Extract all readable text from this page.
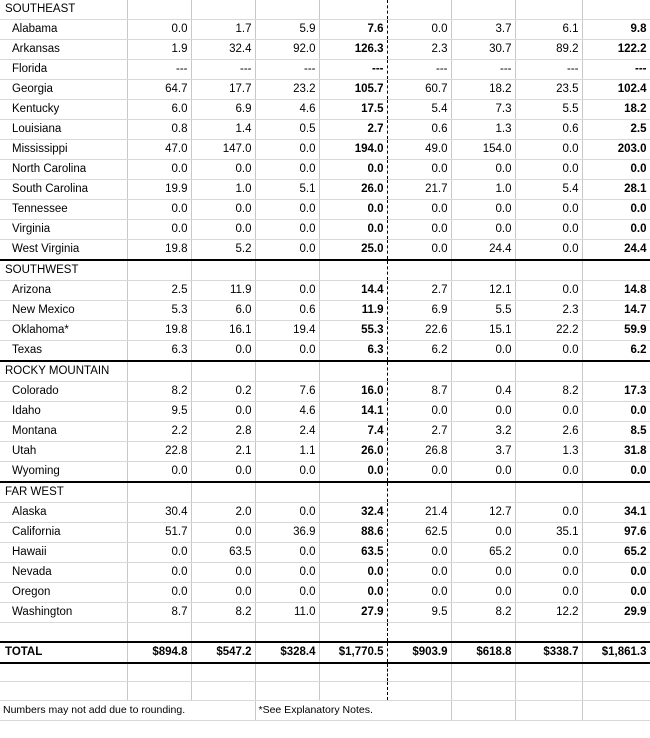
SOUTHEAST								
Alabama	0.0	1.7	5.9	7.6	0.0	3.7	6.1	9.8
Arkansas	1.9	32.4	92.0	126.3	2.3	30.7	89.2	122.2
Florida	---	---	---	---	---	---	---	---
Georgia	64.7	17.7	23.2	105.7	60.7	18.2	23.5	102.4
Kentucky	6.0	6.9	4.6	17.5	5.4	7.3	5.5	18.2
Louisiana	0.8	1.4	0.5	2.7	0.6	1.3	0.6	2.5
Mississippi	47.0	147.0	0.0	194.0	49.0	154.0	0.0	203.0
North Carolina	0.0	0.0	0.0	0.0	0.0	0.0	0.0	0.0
South Carolina	19.9	1.0	5.1	26.0	21.7	1.0	5.4	28.1
Tennessee	0.0	0.0	0.0	0.0	0.0	0.0	0.0	0.0
Virginia	0.0	0.0	0.0	0.0	0.0	0.0	0.0	0.0
West Virginia	19.8	5.2	0.0	25.0	0.0	24.4	0.0	24.4
SOUTHWEST								
Arizona	2.5	11.9	0.0	14.4	2.7	12.1	0.0	14.8
New Mexico	5.3	6.0	0.6	11.9	6.9	5.5	2.3	14.7
Oklahoma*	19.8	16.1	19.4	55.3	22.6	15.1	22.2	59.9
Texas	6.3	0.0	0.0	6.3	6.2	0.0	0.0	6.2
ROCKY MOUNTAIN								
Colorado	8.2	0.2	7.6	16.0	8.7	0.4	8.2	17.3
Idaho	9.5	0.0	4.6	14.1	0.0	0.0	0.0	0.0
Montana	2.2	2.8	2.4	7.4	2.7	3.2	2.6	8.5
Utah	22.8	2.1	1.1	26.0	26.8	3.7	1.3	31.8
Wyoming	0.0	0.0	0.0	0.0	0.0	0.0	0.0	0.0
FAR WEST								
Alaska	30.4	2.0	0.0	32.4	21.4	12.7	0.0	34.1
California	51.7	0.0	36.9	88.6	62.5	0.0	35.1	97.6
Hawaii	0.0	63.5	0.0	63.5	0.0	65.2	0.0	65.2
Nevada	0.0	0.0	0.0	0.0	0.0	0.0	0.0	0.0
Oregon	0.0	0.0	0.0	0.0	0.0	0.0	0.0	0.0
Washington	8.7	8.2	11.0	27.9	9.5	8.2	12.2	29.9

TOTAL	$894.8	$547.2	$328.4	$1,770.5	$903.9	$618.8	$338.7	$1,861.3

Numbers may not add due to rounding.			*See Explanatory Notes.					
